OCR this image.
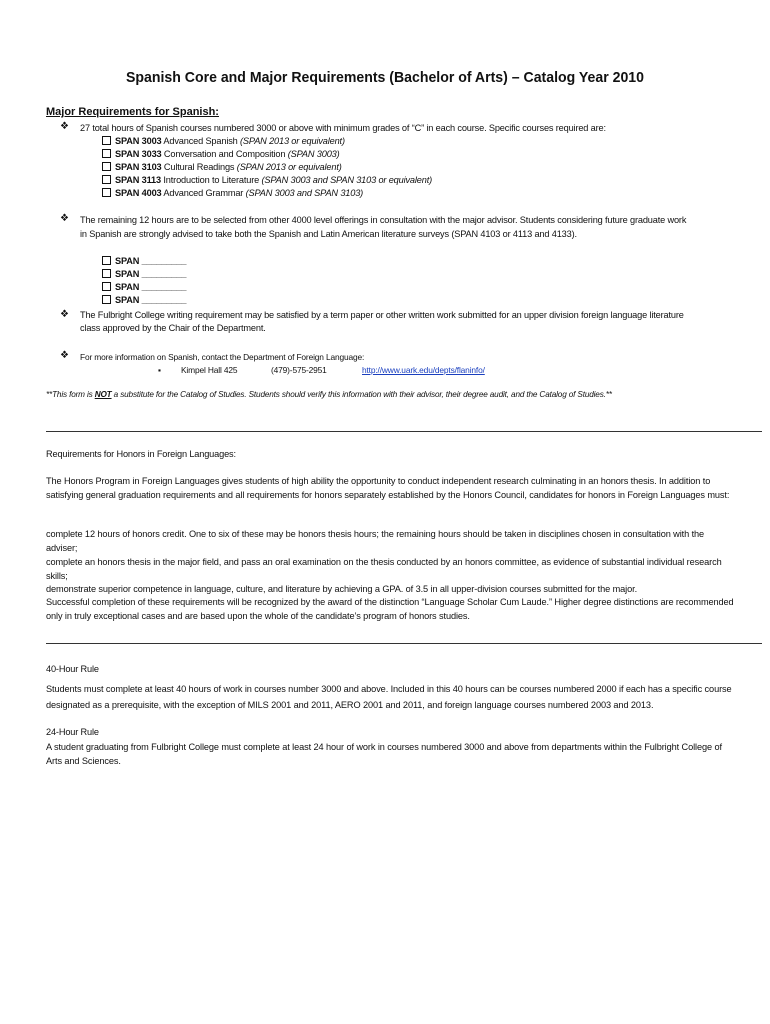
Spanish Core and Major Requirements (Bachelor of Arts) – Catalog Year 2010
Major Requirements for Spanish:
❖ 27 total hours of Spanish courses numbered 3000 or above with minimum grades of “C” in each course. Specific courses required are:
SPAN 3003 Advanced Spanish (SPAN 2013 or equivalent)
SPAN 3033 Conversation and Composition (SPAN 3003)
SPAN 3103 Cultural Readings (SPAN 2013 or equivalent)
SPAN 3113 Introduction to Literature (SPAN 3003 and SPAN 3103 or equivalent)
SPAN 4003 Advanced Grammar (SPAN 3003 and SPAN 3103)
❖ The remaining 12 hours are to be selected from other 4000 level offerings in consultation with the major advisor. Students considering future graduate work
in Spanish are strongly advised to take both the Spanish and Latin American literature surveys (SPAN 4103 or 4113 and 4133).
SPAN _________
SPAN _________
SPAN _________
SPAN _________
❖ The Fulbright College writing requirement may be satisfied by a term paper or other written work submitted for an upper division foreign language literature
class approved by the Chair of the Department.
❖ For more information on Spanish, contact the Department of Foreign Language:
▪ Kimpel Hall 425	(479)-575-2951	http://www.uark.edu/depts/flaninfo/
**This form is NOT a substitute for the Catalog of Studies. Students should verify this information with their advisor, their degree audit, and the Catalog of Studies.**
Requirements for Honors in Foreign Languages:
The Honors Program in Foreign Languages gives students of high ability the opportunity to conduct independent research culminating in an honors thesis. In addition to satisfying general graduation requirements and all requirements for honors separately established by the Honors Council, candidates for honors in Foreign Languages must:
complete 12 hours of honors credit. One to six of these may be honors thesis hours; the remaining hours should be taken in disciplines chosen in consultation with the adviser;
complete an honors thesis in the major field, and pass an oral examination on the thesis conducted by an honors committee, as evidence of substantial individual research skills;
demonstrate superior competence in language, culture, and literature by achieving a GPA. of 3.5 in all upper-division courses submitted for the major.
Successful completion of these requirements will be recognized by the award of the distinction “Language Scholar Cum Laude.” Higher degree distinctions are recommended only in truly exceptional cases and are based upon the whole of the candidate’s program of honors studies.
40-Hour Rule
Students must complete at least 40 hours of work in courses number 3000 and above. Included in this 40 hours can be courses numbered 2000 if each has a specific course designated as a prerequisite, with the exception of MILS 2001 and 2011, AERO 2001 and 2011, and foreign language courses numbered 2003 and 2013.
24-Hour Rule
A student graduating from Fulbright College must complete at least 24 hour of work in courses numbered 3000 and above from departments within the Fulbright College of Arts and Sciences.
